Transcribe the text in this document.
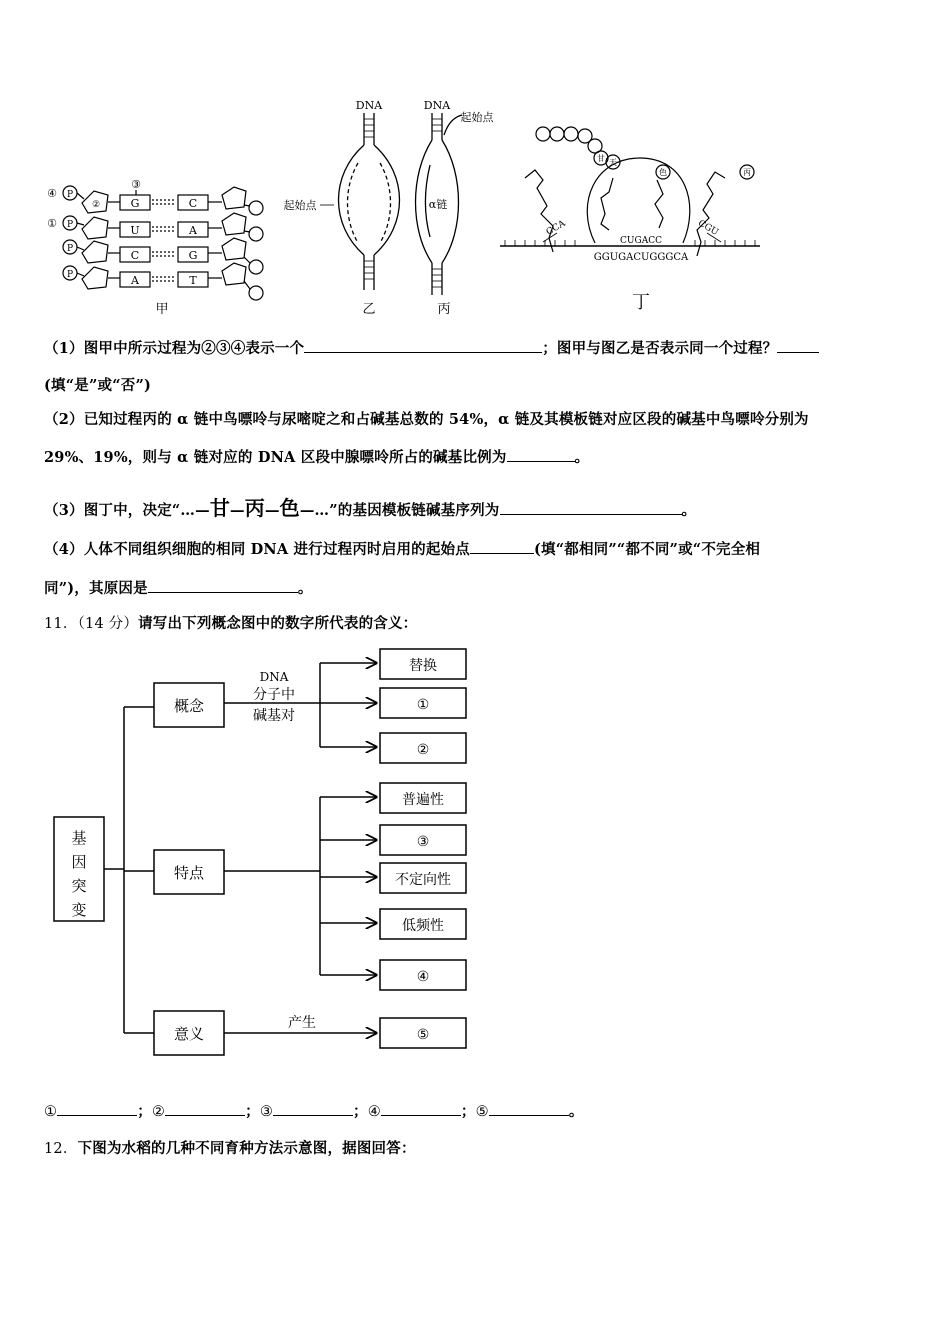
④
①
P
P
P
P
③
②	G
U
C
A
C
A
G
T
甲
DNA
起始点
乙
DNA
起始点
α链
丙
CCA
CUGACC
CGU
GGUGACUGGGCA
甘 天
色	丙
丁
（1）图甲中所示过程为②③④表示一个	；图甲与图乙是否表示同一个过程？
(填“是”或“否”)
（2）已知过程丙的 α 链中鸟嘌呤与尿嘧啶之和占碱基总数的 54%，α 链及其模板链对应区段的碱基中鸟嘌呤分别为
29%、19%，则与 α 链对应的 DNA 区段中腺嘌呤所占的碱基比例为	。
（3）图丁中，决定“…—甘—丙—色—…”的基因模板链碱基序列为	。
（4）人体不同组织细胞的相同 DNA 进行过程丙时启用的起始点	(填“都相同”“都不同”或“不完全相
同”)，其原因是	。
11．（14 分）请写出下列概念图中的数字所代表的含义：
基
因
突
变
概念
特点
意义
DNA
分子中
碱基对
产生
替换
①
②
普遍性
③
不定向性
低频性
④
⑤
①	；②	；③	；④	；⑤	。
12．下图为水稻的几种不同育种方法示意图，据图回答：
